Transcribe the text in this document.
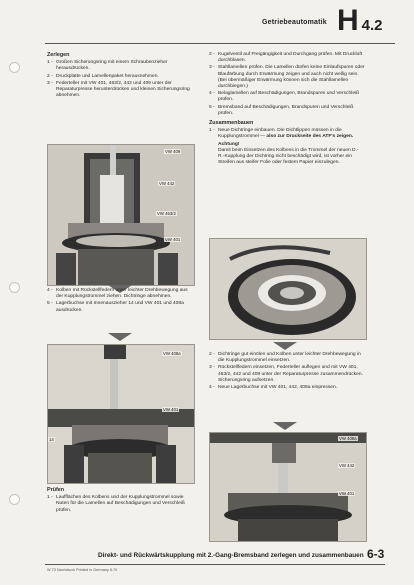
Getriebeautomatik H 4.2
Zerlegen
1 - Großen Sicherungsring mit einem Schraubenzieher herausdrücken.
2 - Druckplatte und Lamellenpaket herausnehmen.
3 - Federteller mit VW 401, 463/2, 442 und 409 unter der Reparaturpresse herunterdrücken und kleinen Sicherungsring abnehmen.
VW 409
VW 442
VW 463/2
VW 401
4 - Kolben mit Rückstellfedern unter leichter Drehbewegung aus der Kupplungstrommel ziehen. Dichtringe abnehmen.
5 - Lagerbuchse mit Innenauszieher 14 und VW 401 und 408a ausdrücken.
VW 408a
VW 401
14
Prüfen
1 - Laufflächen des Kolbens und der Kupplungstrommel sowie Nuten für die Lamellen auf Beschädigungen und Verschleiß prüfen.
2 - Kugelventil auf Freigängigkeit und Durchgang prüfen. Mit Druckluft durchblasen.
3 - Stahllamellen prüfen. Die Lamellen dürfen keine Einlaufspuren oder Blaufärbung durch Erwärmung zeigen und auch nicht wellig sein. (Bei übermäßiger Erwärmung können sich die Stahllamellen durchbiegen.)
4 - Belaglamellen auf Beschädigungen, Brandspuren und Verschleiß prüfen.
5 - Bremsband auf Beschädigungen, Brandspuren und Verschleiß prüfen.
Zusammenbauen
1 - Neue Dichtringe einbauen. Die Dichtlippen müssen in die Kupplungstrommel — also zur Druckseite des ATF's zeigen.
Achtung!
Damit beim Einsetzen des Kolbens in die Trommel der neuen D.-R.-Kupplung der Dichtring nicht beschädigt wird, ist vorher ein Streifen aus steifer Folie oder festem Papier einzulegen.
2 - Dichtringe gut einölen und Kolben unter leichter Drehbewegung in die Kupplungstrommel einsetzen.
3 - Rückstellfedern einsetzen, Federteller auflegen und mit VW 401, 463/2, 442 und 409 unter der Reparaturpresse zusammendrücken. Sicherungsring aufsetzen.
4 - Neue Lagerbuchse mit VW 401, 442, 408a einpressen.
VW 408a
VW 442
VW 401
Direkt- und Rückwärtskupplung mit 2.-Gang-Bremsband zerlegen und zusammenbauen 6-3
W 73 Nachdruck Printed in Germany 8.70
